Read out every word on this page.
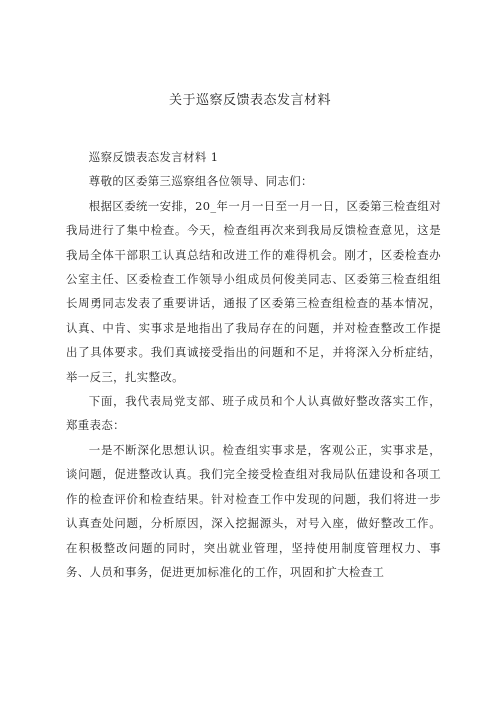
关于巡察反馈表态发言材料

巡察反馈表态发言材料 1

尊敬的区委第三巡察组各位领导、同志们：

根据区委统一安排，20_年一月一日至一月一日，区委第三检查组对我局进行了集中检查。今天，检查组再次来到我局反馈检查意见，这是我局全体干部职工认真总结和改进工作的难得机会。刚才，区委检查办公室主任、区委检查工作领导小组成员何俊美同志、区委第三检查组组长周勇同志发表了重要讲话，通报了区委第三检查组检查的基本情况，认真、中肯、实事求是地指出了我局存在的问题，并对检查整改工作提出了具体要求。我们真诚接受指出的问题和不足，并将深入分析症结，举一反三，扎实整改。

下面，我代表局党支部、班子成员和个人认真做好整改落实工作，郑重表态：

一是不断深化思想认识。检查组实事求是，客观公正，实事求是，谈问题，促进整改认真。我们完全接受检查组对我局队伍建设和各项工作的检查评价和检查结果。针对检查工作中发现的问题，我们将进一步认真查处问题，分析原因，深入挖掘源头，对号入座，做好整改工作。在积极整改问题的同时，突出就业管理，坚持使用制度管理权力、事务、人员和事务，促进更加标准化的工作，巩固和扩大检查工
